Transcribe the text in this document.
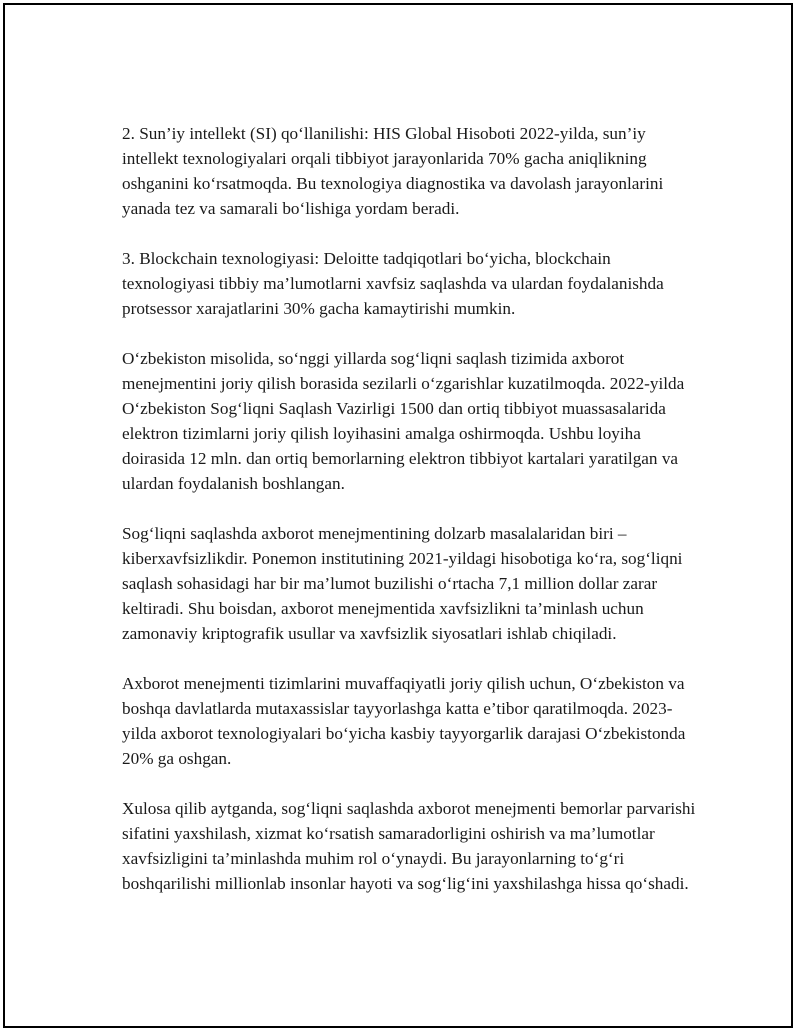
2. Sun’iy intellekt (SI) qo‘llanilishi: HIS Global Hisoboti 2022-yilda, sun’iy intellekt texnologiyalari orqali tibbiyot jarayonlarida 70% gacha aniqlikning oshganini ko‘rsatmoqda. Bu texnologiya diagnostika va davolash jarayonlarini yanada tez va samarali bo‘lishiga yordam beradi.

3. Blockchain texnologiyasi: Deloitte tadqiqotlari bo‘yicha, blockchain texnologiyasi tibbiy ma’lumotlarni xavfsiz saqlashda va ulardan foydalanishda protsessor xarajatlarini 30% gacha kamaytirishi mumkin.

O‘zbekiston misolida, so‘nggi yillarda sog‘liqni saqlash tizimida axborot menejmentini joriy qilish borasida sezilarli o‘zgarishlar kuzatilmoqda. 2022-yilda O‘zbekiston Sog‘liqni Saqlash Vazirligi 1500 dan ortiq tibbiyot muassasalarida elektron tizimlarni joriy qilish loyihasini amalga oshirmoqda. Ushbu loyiha doirasida 12 mln. dan ortiq bemorlarning elektron tibbiyot kartalari yaratilgan va ulardan foydalanish boshlangan.

Sog‘liqni saqlashda axborot menejmentining dolzarb masalalaridan biri – kiberxavfsizlikdir. Ponemon institutining 2021-yildagi hisobotiga ko‘ra, sog‘liqni saqlash sohasidagi har bir ma’lumot buzilishi o‘rtacha 7,1 million dollar zarar keltiradi. Shu boisdan, axborot menejmentida xavfsizlikni ta’minlash uchun zamonaviy kriptografik usullar va xavfsizlik siyosatlari ishlab chiqiladi.

Axborot menejmenti tizimlarini muvaffaqiyatli joriy qilish uchun, O‘zbekiston va boshqa davlatlarda mutaxassislar tayyorlashga katta e’tibor qaratilmoqda. 2023-yilda axborot texnologiyalari bo‘yicha kasbiy tayyorgarlik darajasi O‘zbekistonda 20% ga oshgan.

Xulosa qilib aytganda, sog‘liqni saqlashda axborot menejmenti bemorlar parvarishi sifatini yaxshilash, xizmat ko‘rsatish samaradorligini oshirish va ma’lumotlar xavfsizligini ta’minlashda muhim rol o‘ynaydi. Bu jarayonlarning to‘g‘ri boshqarilishi millionlab insonlar hayoti va sog‘lig‘ini yaxshilashga hissa qo‘shadi.
